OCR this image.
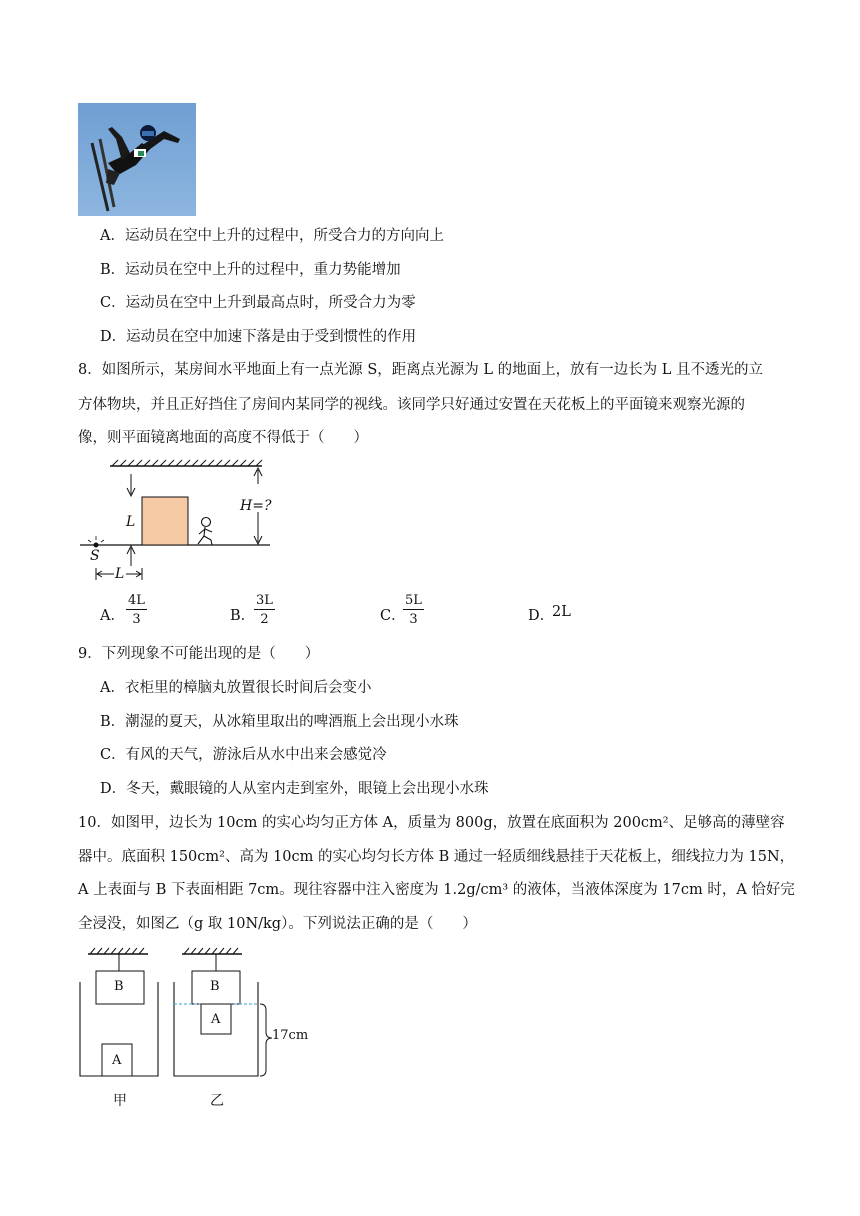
A．运动员在空中上升的过程中，所受合力的方向向上
B．运动员在空中上升的过程中，重力势能增加
C．运动员在空中上升到最高点时，所受合力为零
D．运动员在空中加速下落是由于受到惯性的作用
8．如图所示，某房间水平地面上有一点光源 S，距离点光源为 L 的地面上，放有一边长为 L 且不透光的立
方体物块，并且正好挡住了房间内某同学的视线。该同学只好通过安置在天花板上的平面镜来观察光源的
像，则平面镜离地面的高度不得低于（　　）
L
H=?
S
L
A． $\frac{4L}{3}$	B．
$\frac{3L}{2}$	C．
$\frac{5L}{3}$	D．
2L
9．下列现象不可能出现的是（　　）
A．衣柜里的樟脑丸放置很长时间后会变小
B．潮湿的夏天，从冰箱里取出的啤酒瓶上会出现小水珠
C．有风的天气，游泳后从水中出来会感觉冷
D．冬天，戴眼镜的人从室内走到室外，眼镜上会出现小水珠
10．如图甲，边长为 10cm 的实心均匀正方体 A，质量为 800g，放置在底面积为 200cm²、足够高的薄壁容
器中。底面积 150cm²、高为 10cm 的实心均匀长方体 B 通过一轻质细线悬挂于天花板上，细线拉力为 15N，
A 上表面与 B 下表面相距 7cm。现往容器中注入密度为 1.2g/cm³ 的液体，当液体深度为 17cm 时，A 恰好完
全浸没，如图乙（g 取 10N/kg）。下列说法正确的是（　　）
B
A
B
A
17cm
甲	乙
